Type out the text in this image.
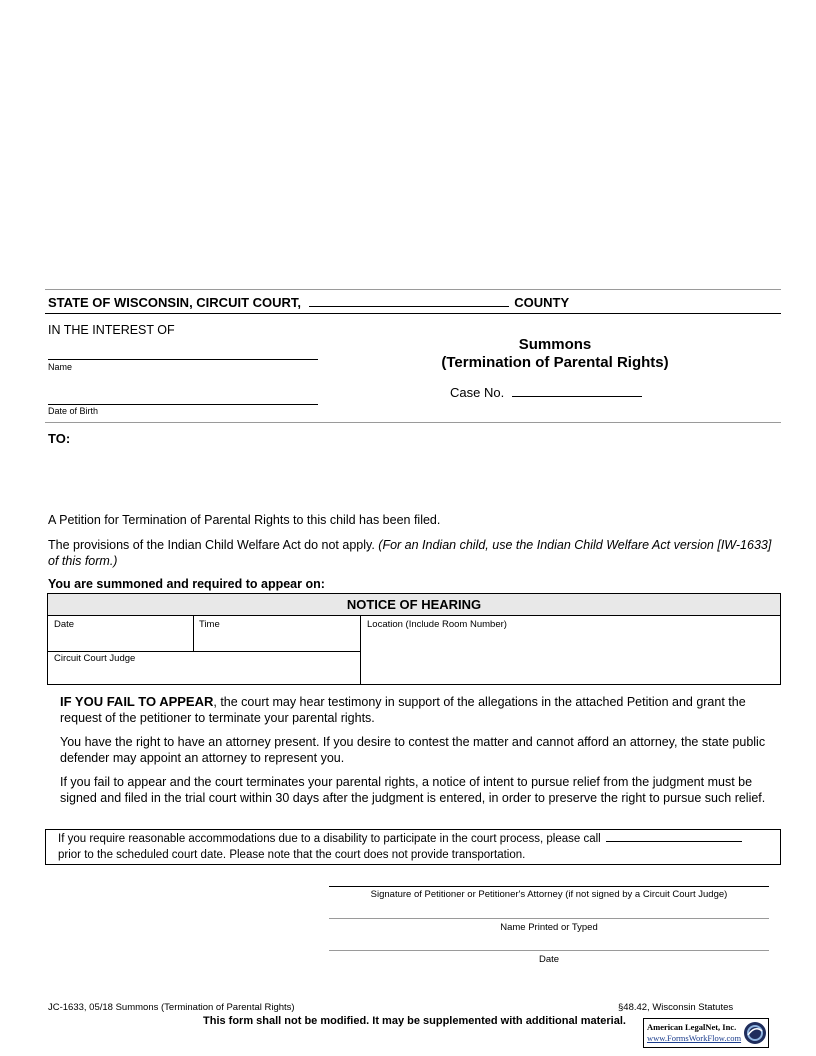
STATE OF WISCONSIN, CIRCUIT COURT,	COUNTY
IN THE INTEREST OF
Name
Date of Birth
Summons
(Termination of Parental Rights)
Case No.
TO:
A Petition for Termination of Parental Rights to this child has been filed.
The provisions of the Indian Child Welfare Act do not apply. (For an Indian child, use the Indian Child Welfare Act version [IW-1633] of this form.)
You are summoned and required to appear on:
NOTICE OF HEARING
Date	Time	Location (Include Room Number)
Circuit Court Judge
IF YOU FAIL TO APPEAR, the court may hear testimony in support of the allegations in the attached Petition and grant the request of the petitioner to terminate your parental rights.
You have the right to have an attorney present. If you desire to contest the matter and cannot afford an attorney, the state public defender may appoint an attorney to represent you.
If you fail to appear and the court terminates your parental rights, a notice of intent to pursue relief from the judgment must be signed and filed in the trial court within 30 days after the judgment is entered, in order to preserve the right to pursue such relief.
If you require reasonable accommodations due to a disability to participate in the court process, please call
prior to the scheduled court date. Please note that the court does not provide transportation.
Signature of Petitioner or Petitioner's Attorney (if not signed by a Circuit Court Judge)
Name Printed or Typed
Date
JC-1633, 05/18 Summons (Termination of Parental Rights)	§48.42, Wisconsin Statutes
This form shall not be modified. It may be supplemented with additional material. American LegalNet, Inc.
www.FormsWorkFlow.com
